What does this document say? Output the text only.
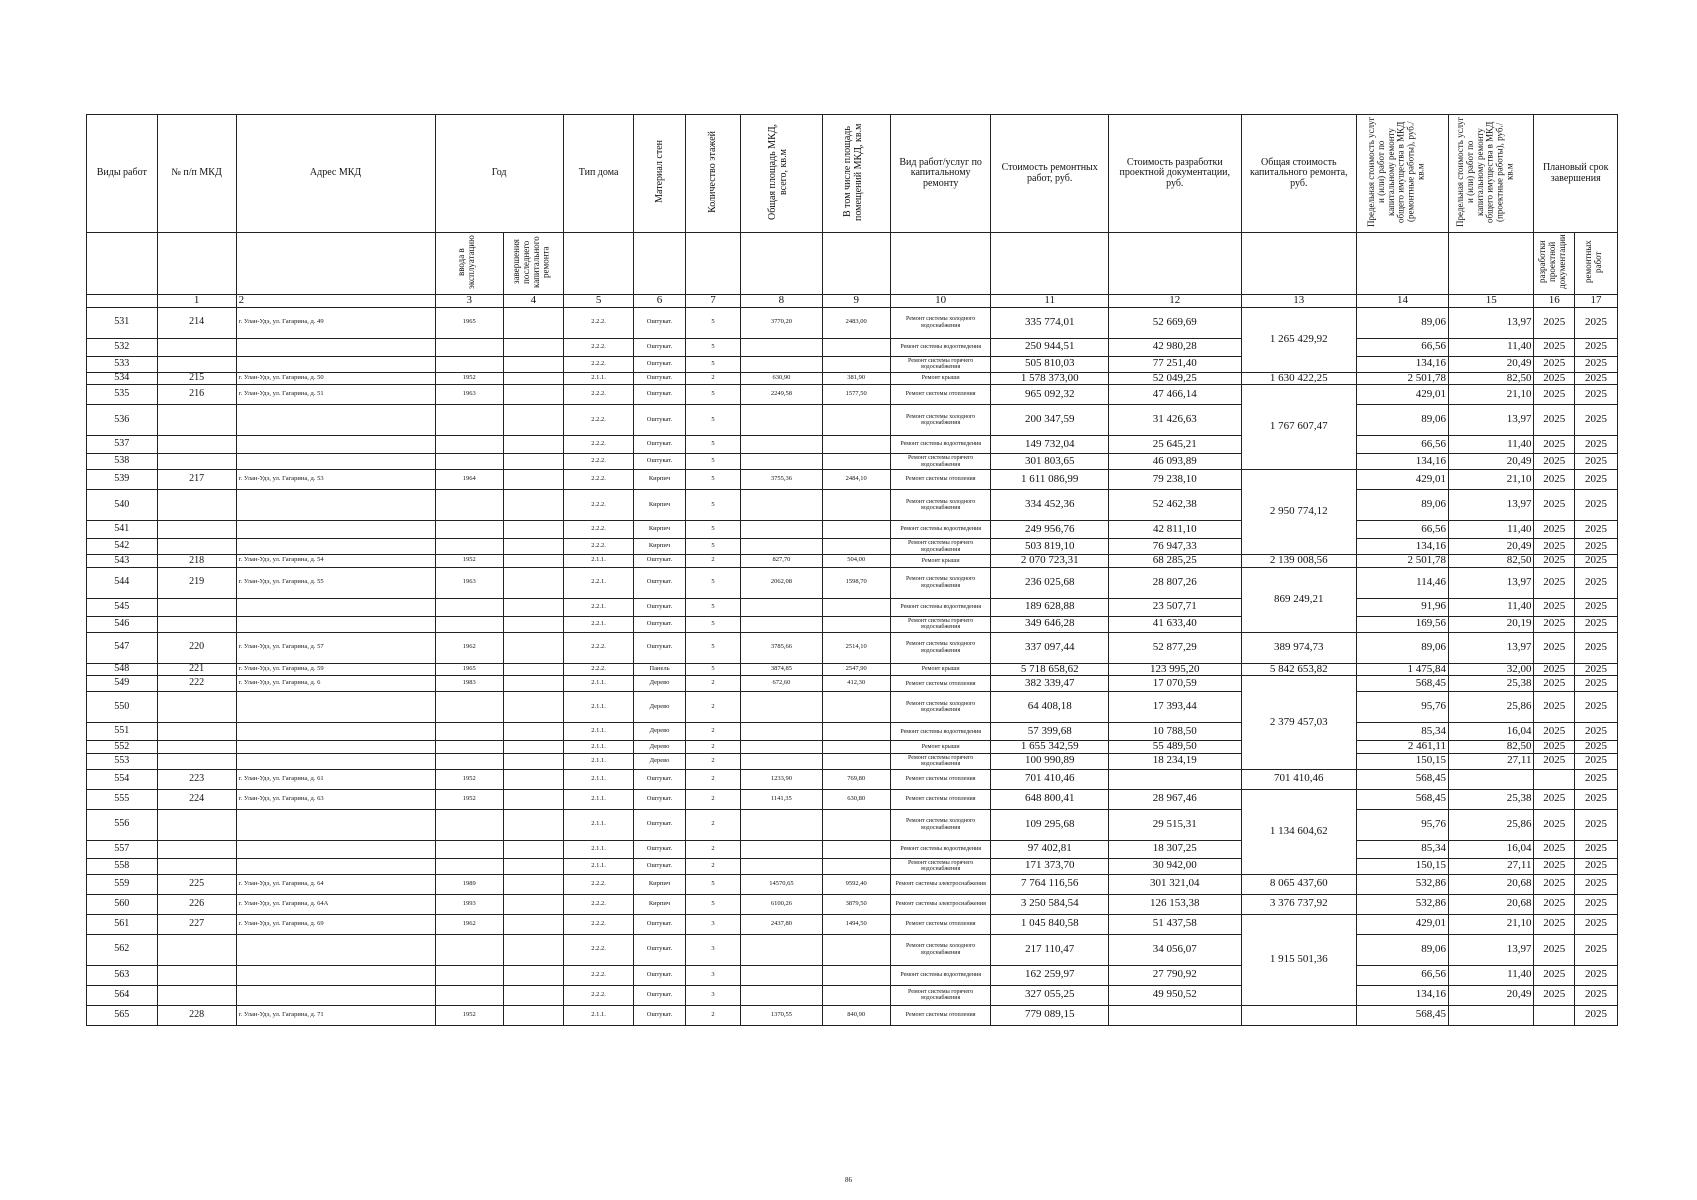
Виды работ	№ п/п МКД	Адрес МКД	Год		Тип дома	Материал стен	Количество этажей	Общая площадь МКД, всего, кв.м	В том числе площадь помещений МКД, кв.м	Вид работ/услуг по капитальному ремонту	Стоимость ремонтных работ, руб.	Стоимость разработки проектной документации, руб.	Общая стоимость капитального ремонта, руб.	Предельная стоимость услуг и (или) работ по капитальному ремонту общего имущества в МКД (ремонтные работы), руб./кв.м	Предельная стоимость услуг и (или) работ по капитальному ремонту общего имущества в МКД (проектные работы), руб./кв.м	Плановый срок завершения	
			ввода в эксплуатацию	завершения последнего капитального ремонта												разработки проектной документации	ремонтных работ
	1	2	3	4	5	6	7	8	9	10	11	12	13	14	15	16	17
531	214	г. Улан-Удэ, ул. Гагарина, д. 49	1965		2.2.2.	Оштукат.	5	3770,20	2483,00	Ремонт системы холодного водоснабжения	335 774,01	52 669,69	1 265 429,92	89,06	13,97	2025	2025
532					2.2.2.	Оштукат.	5			Ремонт системы водоотведения	250 944,51	42 980,28		66,56	11,40	2025	2025
533					2.2.2.	Оштукат.	5			Ремонт системы горячего водоснабжения	505 810,03	77 251,40		134,16	20,49	2025	2025
534	215	г. Улан-Удэ, ул. Гагарина, д. 50	1952		2.1.1.	Оштукат.	2	630,90	381,90	Ремонт крыши	1 578 373,00	52 049,25	1 630 422,25	2 501,78	82,50	2025	2025
535	216	г. Улан-Удэ, ул. Гагарина, д. 51	1963		2.2.2.	Оштукат.	5	2249,58	1577,50	Ремонт системы отопления	965 092,32	47 466,14	1 767 607,47	429,01	21,10	2025	2025
536					2.2.2.	Оштукат.	5			Ремонт системы холодного водоснабжения	200 347,59	31 426,63		89,06	13,97	2025	2025
537					2.2.2.	Оштукат.	5			Ремонт системы водоотведения	149 732,04	25 645,21		66,56	11,40	2025	2025
538					2.2.2.	Оштукат.	5			Ремонт системы горячего водоснабжения	301 803,65	46 093,89		134,16	20,49	2025	2025
539	217	г. Улан-Удэ, ул. Гагарина, д. 53	1964		2.2.2.	Кирпич	5	3755,36	2484,10	Ремонт системы отопления	1 611 086,99	79 238,10	2 950 774,12	429,01	21,10	2025	2025
540					2.2.2.	Кирпич	5			Ремонт системы холодного водоснабжения	334 452,36	52 462,38		89,06	13,97	2025	2025
541					2.2.2.	Кирпич	5			Ремонт системы водоотведения	249 956,76	42 811,10		66,56	11,40	2025	2025
542					2.2.2.	Кирпич	5			Ремонт системы горячего водоснабжения	503 819,10	76 947,33		134,16	20,49	2025	2025
543	218	г. Улан-Удэ, ул. Гагарина, д. 54	1952		2.1.1.	Оштукат.	2	827,70	504,00	Ремонт крыши	2 070 723,31	68 285,25	2 139 008,56	2 501,78	82,50	2025	2025
544	219	г. Улан-Удэ, ул. Гагарина, д. 55	1963		2.2.1.	Оштукат.	5	2062,08	1598,70	Ремонт системы холодного водоснабжения	236 025,68	28 807,26	869 249,21	114,46	13,97	2025	2025
545					2.2.1.	Оштукат.	5			Ремонт системы водоотведения	189 628,88	23 507,71		91,96	11,40	2025	2025
546					2.2.1.	Оштукат.	5			Ремонт системы горячего водоснабжения	349 646,28	41 633,40		169,56	20,19	2025	2025
547	220	г. Улан-Удэ, ул. Гагарина, д. 57	1962		2.2.2.	Оштукат.	5	3785,66	2514,10	Ремонт системы холодного водоснабжения	337 097,44	52 877,29	389 974,73	89,06	13,97	2025	2025
548	221	г. Улан-Удэ, ул. Гагарина, д. 59	1965		2.2.2.	Панель	5	3874,85	2547,90	Ремонт крыши	5 718 658,62	123 995,20	5 842 653,82	1 475,84	32,00	2025	2025
549	222	г. Улан-Удэ, ул. Гагарина, д. 6	1983		2.1.1.	Дерево	2	672,60	412,30	Ремонт системы отопления	382 339,47	17 070,59	2 379 457,03	568,45	25,38	2025	2025
550					2.1.1.	Дерево	2			Ремонт системы холодного водоснабжения	64 408,18	17 393,44		95,76	25,86	2025	2025
551					2.1.1.	Дерево	2			Ремонт системы водоотведения	57 399,68	10 788,50		85,34	16,04	2025	2025
552					2.1.1.	Дерево	2			Ремонт крыши	1 655 342,59	55 489,50		2 461,11	82,50	2025	2025
553					2.1.1.	Дерево	2			Ремонт системы горячего водоснабжения	100 990,89	18 234,19		150,15	27,11	2025	2025
554	223	г. Улан-Удэ, ул. Гагарина, д. 61	1952		2.1.1.	Оштукат.	2	1233,90	769,80	Ремонт системы отопления	701 410,46		701 410,46	568,45			2025
555	224	г. Улан-Удэ, ул. Гагарина, д. 63	1952		2.1.1.	Оштукат.	2	1141,35	630,80	Ремонт системы отопления	648 800,41	28 967,46	1 134 604,62	568,45	25,38	2025	2025
556					2.1.1.	Оштукат.	2			Ремонт системы холодного водоснабжения	109 295,68	29 515,31		95,76	25,86	2025	2025
557					2.1.1.	Оштукат.	2			Ремонт системы водоотведения	97 402,81	18 307,25		85,34	16,04	2025	2025
558					2.1.1.	Оштукат.	2			Ремонт системы горячего водоснабжения	171 373,70	30 942,00		150,15	27,11	2025	2025
559	225	г. Улан-Удэ, ул. Гагарина, д. 64	1989		2.2.2.	Кирпич	5	14570,65	9592,40	Ремонт системы электроснабжения	7 764 116,56	301 321,04	8 065 437,60	532,86	20,68	2025	2025
560	226	г. Улан-Удэ, ул. Гагарина, д. 64А	1993		2.2.2.	Кирпич	5	6100,26	3879,50	Ремонт системы электроснабжения	3 250 584,54	126 153,38	3 376 737,92	532,86	20,68	2025	2025
561	227	г. Улан-Удэ, ул. Гагарина, д. 69	1962		2.2.2.	Оштукат.	3	2437,80	1494,50	Ремонт системы отопления	1 045 840,58	51 437,58	1 915 501,36	429,01	21,10	2025	2025
562					2.2.2.	Оштукат.	3			Ремонт системы холодного водоснабжения	217 110,47	34 056,07		89,06	13,97	2025	2025
563					2.2.2.	Оштукат.	3			Ремонт системы водоотведения	162 259,97	27 790,92		66,56	11,40	2025	2025
564					2.2.2.	Оштукат.	3			Ремонт системы горячего водоснабжения	327 055,25	49 950,52		134,16	20,49	2025	2025
565	228	г. Улан-Удэ, ул. Гагарина, д. 71	1952		2.1.1.	Оштукат.	2	1370,55	840,90	Ремонт системы отопления	779 089,15			568,45			2025
86
